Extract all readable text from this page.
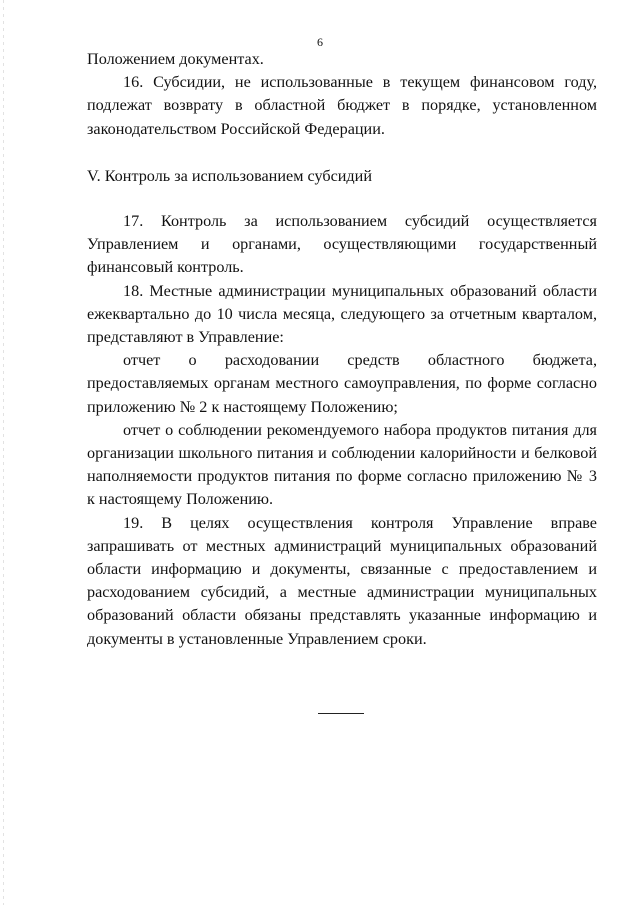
6

Положением документах.

16. Субсидии, не использованные в текущем финансовом году, подлежат возврату в областной бюджет в порядке, установленном законодательством Российской Федерации.

V. Контроль за использованием субсидий

17. Контроль за использованием субсидий осуществляется Управлением и органами, осуществляющими государственный финансовый контроль.

18. Местные администрации муниципальных образований области ежеквартально до 10 числа месяца, следующего за отчетным кварталом, представляют в Управление:

отчет о расходовании средств областного бюджета, предоставляемых органам местного самоуправления, по форме согласно приложению № 2 к настоящему Положению;

отчет о соблюдении рекомендуемого набора продуктов питания для организации школьного питания и соблюдении калорийности и белковой наполняемости продуктов питания по форме согласно приложению № 3 к настоящему Положению.

19. В целях осуществления контроля Управление вправе запрашивать от местных администраций муниципальных образований области информацию и документы, связанные с предоставлением и расходованием субсидий, а местные администрации муниципальных образований области обязаны представлять указанные информацию и документы в установленные Управлением сроки.
